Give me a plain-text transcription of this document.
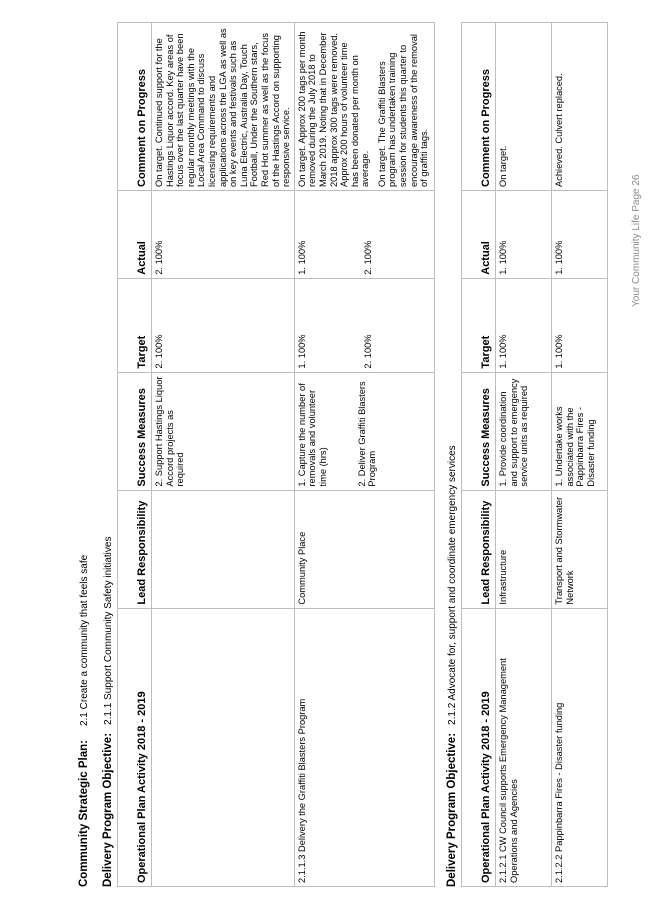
Community Strategic Plan:2.1 Create a community that feels safe
Delivery Program Objective:2.1.1 Support Community Safety initiatives
Operational Plan Activity 2018 - 2019	Lead Responsibility	Success Measures	Target	Actual	Comment on Progress
		2. Support Hastings Liquor Accord projects as required	2. 100%	2. 100%	On target. Continued support for the Hastings Liquor accord. Key areas of focus over the last quarter have been regular monthly meetings with the Local Area Command to discuss licensing requirements and applications across the LGA as well as on key events and festivals such as Luna Electric, Australia Day, Touch Football, Under the Southern stars, Red Hot summer as well as the focus of the Hastings Accord on supporting responsive service.
2.1.1.3 Delivery the Graffiti Blasters Program	Community Place	1. Capture the number of removals and volunteer time (hrs) 2. Deliver Graffiti Blasters Program	1. 100% 2. 100%	1. 100% 2. 100%	On target. Approx 200 tags per month removed during the July 2018 to March 2019. Noting that in December 2018 approx 300 tags were removed. Approx 200 hours of volunteer time has been donated per month on average. On target. The Graffiti Blasters program has undertaken training session for students this quarter to encourage awareness of the removal of graffiti tags.
Delivery Program Objective:2.1.2 Advocate for, support and coordinate emergency services
Operational Plan Activity 2018 - 2019	Lead Responsibility	Success Measures	Target	Actual	Comment on Progress
2.1.2.1 CW Council supports Emergency Management Operations and Agencies	Infrastructure	1. Provide coordination and support to emergency service units as required	1. 100%	1. 100%	On target.
2.1.2.2 Pappinbarra Fires - Disaster funding	Transport and Stormwater Network	1. Undertake works associated with the Pappinbarra Fires - Disaster funding	1. 100%	1. 100%	Achieved. Culvert replaced.
Your Community Life Page 26
